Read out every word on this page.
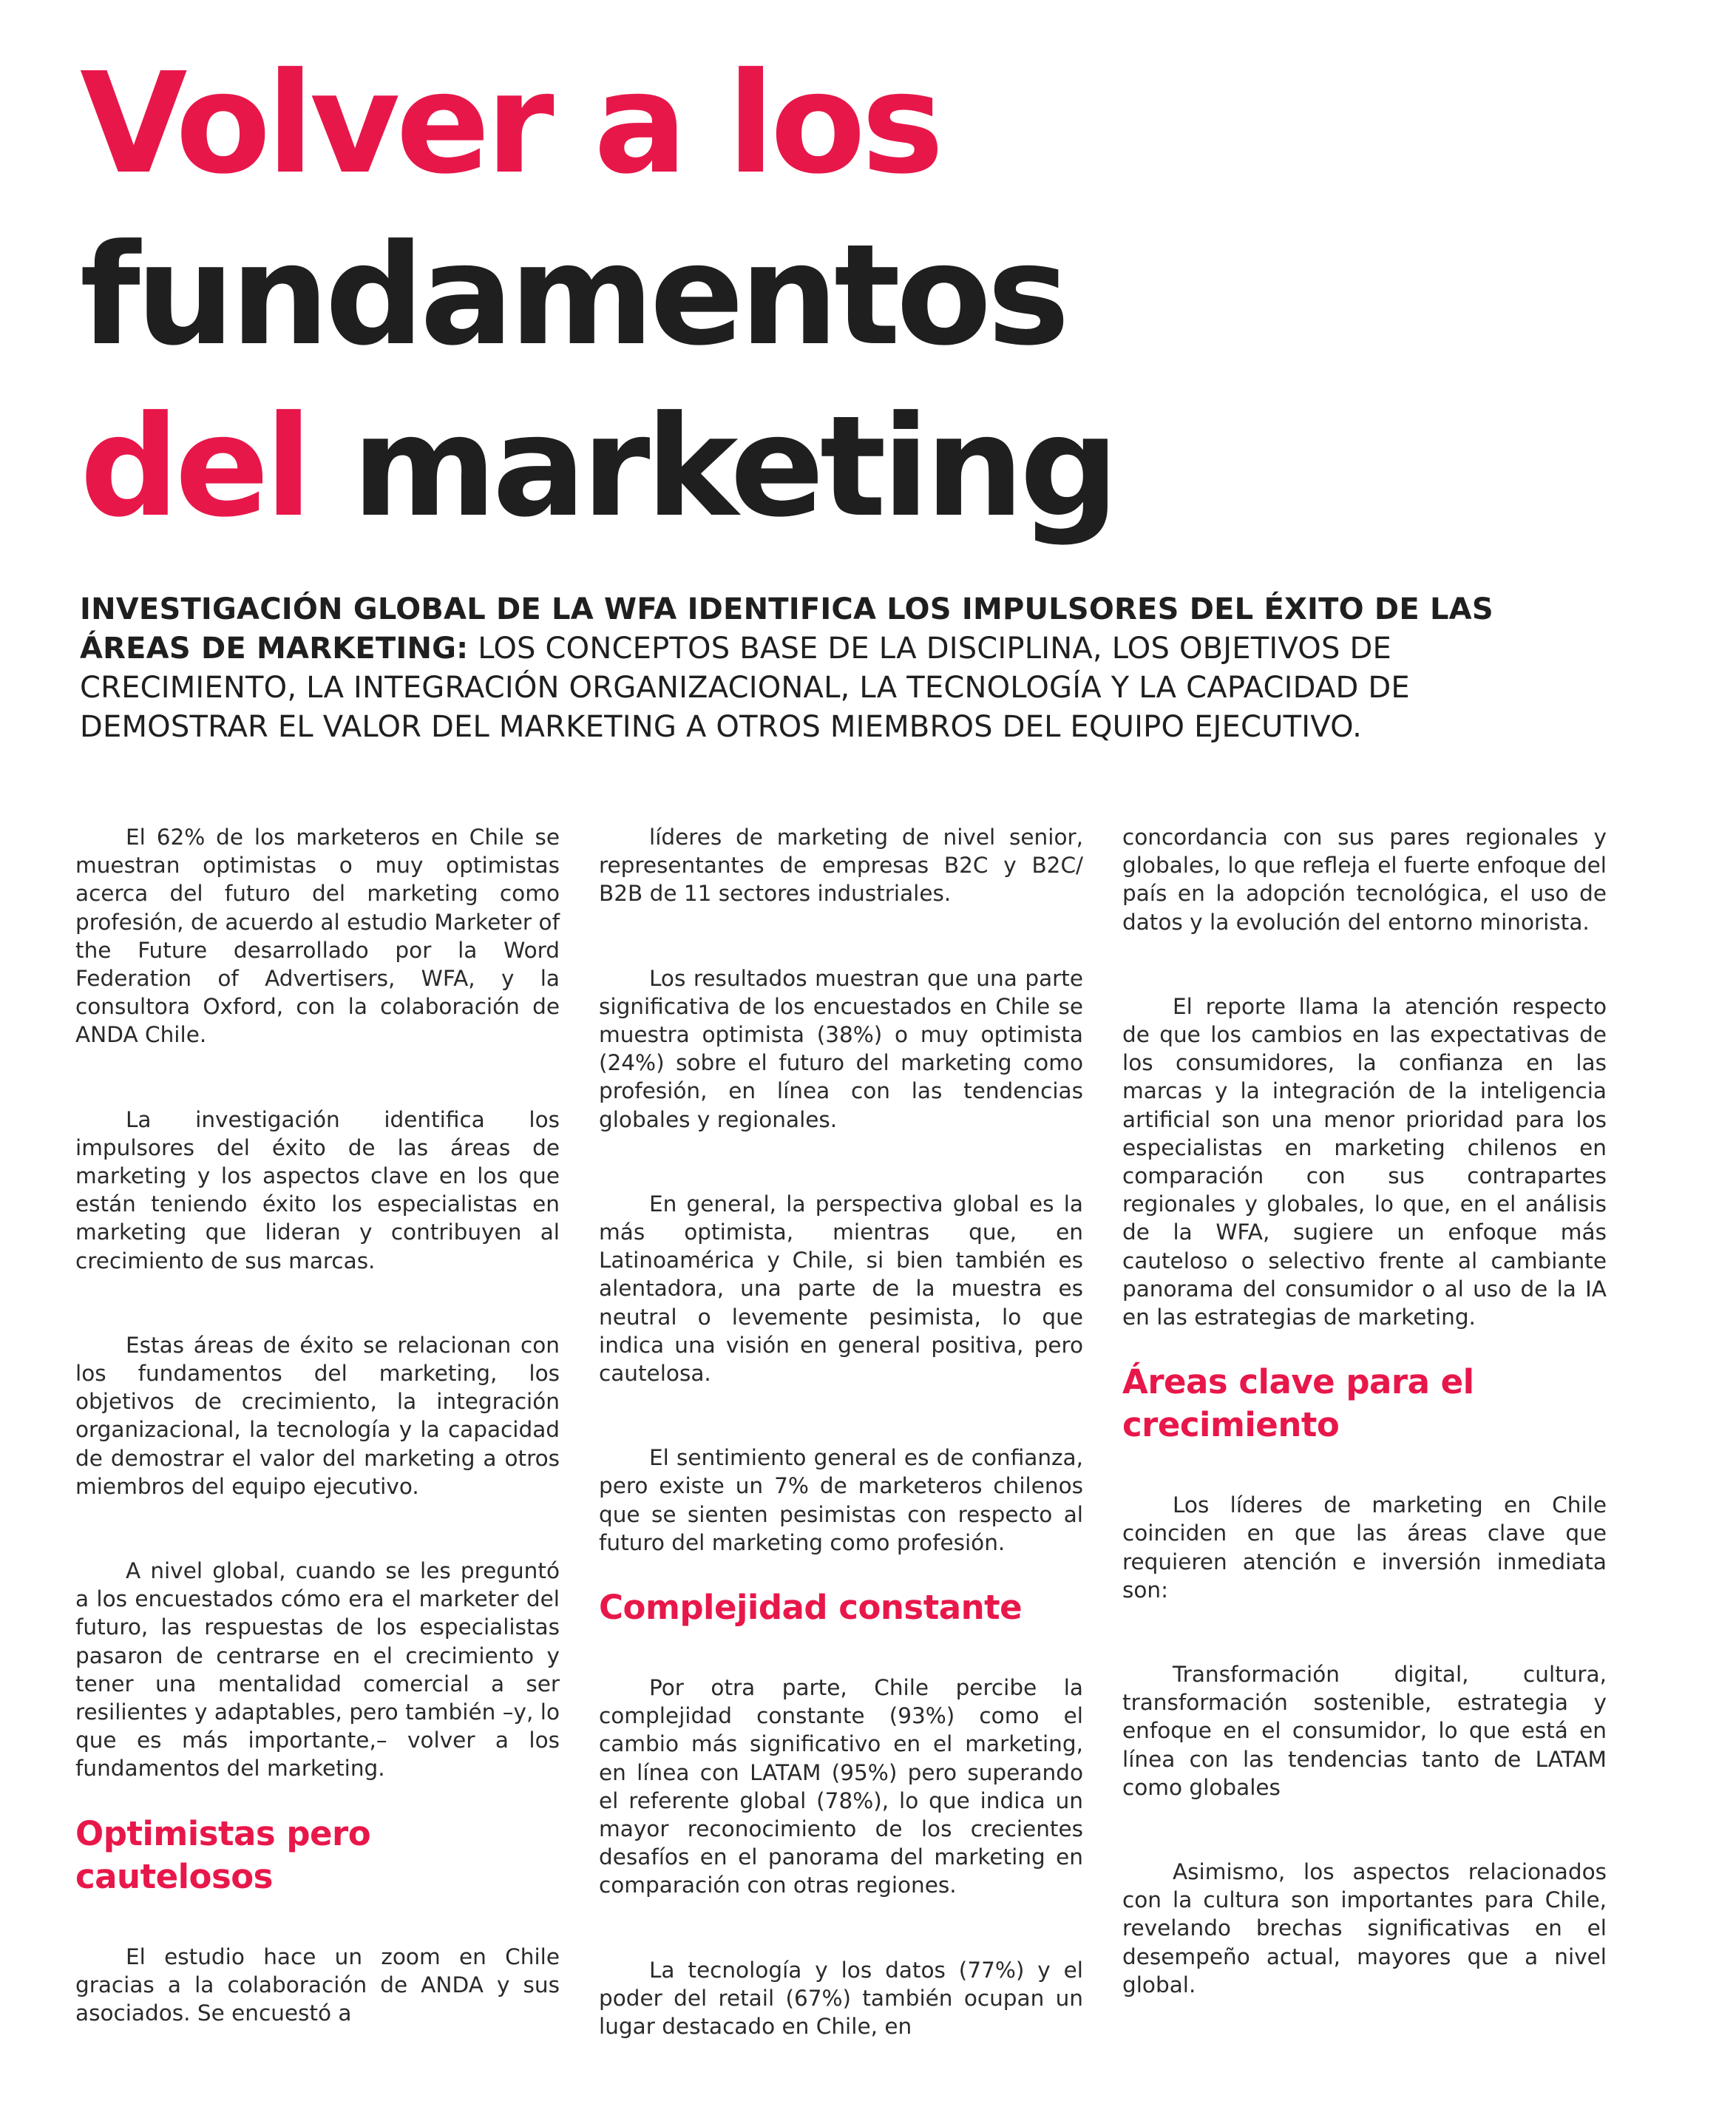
Volver a los
fundamentos
del marketing

INVESTIGACIÓN GLOBAL DE LA WFA IDENTIFICA LOS IMPULSORES DEL ÉXITO DE LAS ÁREAS DE MARKETING: LOS CONCEPTOS BASE DE LA DISCIPLINA, LOS OBJETIVOS DE CRECIMIENTO, LA INTEGRACIÓN ORGANIZACIONAL, LA TECNOLOGÍA Y LA CAPACIDAD DE DEMOSTRAR EL VALOR DEL MARKETING A OTROS MIEMBROS DEL EQUIPO EJECUTIVO.

El 62% de los marketeros en Chile se muestran optimistas o muy optimistas acerca del futuro del marketing como profesión, de acuerdo al estudio Marketer of the Future desarrollado por la Word Federation of Advertisers, WFA, y la consultora Oxford, con la colaboración de ANDA Chile.

La investigación identifica los impulsores del éxito de las áreas de marketing y los aspectos clave en los que están teniendo éxito los especialistas en marketing que lideran y contribuyen al crecimiento de sus marcas.

Estas áreas de éxito se relacionan con los fundamentos del marketing, los objetivos de crecimiento, la integración organizacional, la tecnología y la capacidad de demostrar el valor del marketing a otros miembros del equipo ejecutivo.

A nivel global, cuando se les preguntó a los encuestados cómo era el marketer del futuro, las respuestas de los especialistas pasaron de centrarse en el crecimiento y tener una mentalidad comercial a ser resilientes y adaptables, pero también –y, lo que es más importante,– volver a los fundamentos del marketing.

Optimistas pero cautelosos

El estudio hace un zoom en Chile gracias a la colaboración de ANDA y sus asociados. Se encuestó a

líderes de marketing de nivel senior, representantes de empresas B2C y B2C/ B2B de 11 sectores industriales.

Los resultados muestran que una parte significativa de los encuestados en Chile se muestra optimista (38%) o muy optimista (24%) sobre el futuro del marketing como profesión, en línea con las tendencias globales y regionales.

En general, la perspectiva global es la más optimista, mientras que, en Latinoamérica y Chile, si bien también es alentadora, una parte de la muestra es neutral o levemente pesimista, lo que indica una visión en general positiva, pero cautelosa.

El sentimiento general es de confianza, pero existe un 7% de marketeros chilenos que se sienten pesimistas con respecto al futuro del marketing como profesión.

Complejidad constante

Por otra parte, Chile percibe la complejidad constante (93%) como el cambio más significativo en el marketing, en línea con LATAM (95%) pero superando el referente global (78%), lo que indica un mayor reconocimiento de los crecientes desafíos en el panorama del marketing en comparación con otras regiones.

La tecnología y los datos (77%) y el poder del retail (67%) también ocupan un lugar destacado en Chile, en

concordancia con sus pares regionales y globales, lo que refleja el fuerte enfoque del país en la adopción tecnológica, el uso de datos y la evolución del entorno minorista.

El reporte llama la atención respecto de que los cambios en las expectativas de los consumidores, la confianza en las marcas y la integración de la inteligencia artificial son una menor prioridad para los especialistas en marketing chilenos en comparación con sus contrapartes regionales y globales, lo que, en el análisis de la WFA, sugiere un enfoque más cauteloso o selectivo frente al cambiante panorama del consumidor o al uso de la IA en las estrategias de marketing.

Áreas clave para el crecimiento

Los líderes de marketing en Chile coinciden en que las áreas clave que requieren atención e inversión inmediata son:

Transformación digital, cultura, transformación sostenible, estrategia y enfoque en el consumidor, lo que está en línea con las tendencias tanto de LATAM como globales

Asimismo, los aspectos relacionados con la cultura son importantes para Chile, revelando brechas significativas en el desempeño actual, mayores que a nivel global.
